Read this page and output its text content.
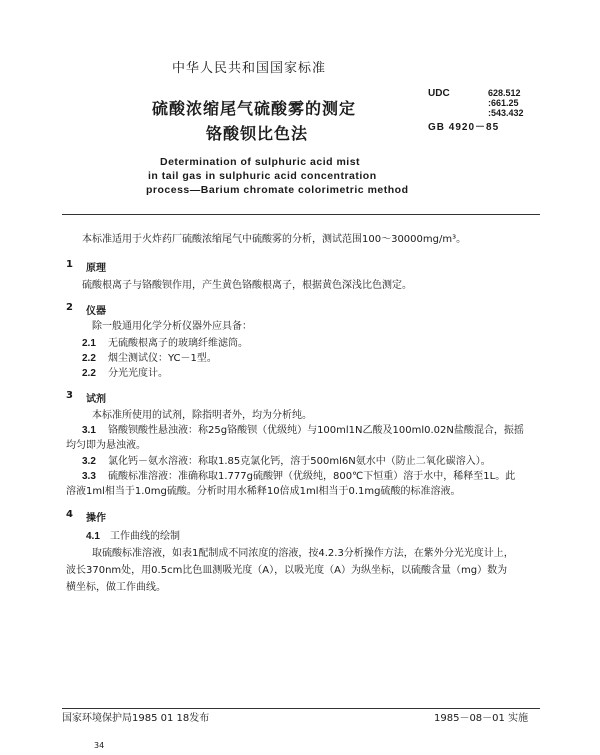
中华人民共和国国家标准
硫酸浓缩尾气硫酸雾的测定
铬酸钡比色法
UDC	628.512
:661.25
:543.432
GB 4920－85
Determination of sulphuric acid mist
in tail gas in sulphuric acid concentration
process—Barium chromate colorimetric method
本标准适用于火炸药厂硫酸浓缩尾气中硫酸雾的分析，测试范围100～30000mg/m³。
1 原理
硫酸根离子与铬酸钡作用，产生黄色铬酸根离子，根据黄色深浅比色测定。
2 仪器
除一般通用化学分析仪器外应具备：
2.1 无硫酸根离子的玻璃纤维滤筒。
2.2 烟尘测试仪：YC－1型。
2.2 分光光度计。
3 试剂
本标准所使用的试剂，除指明者外，均为分析纯。
3.1 铬酸钡酸性悬浊液：称25g铬酸钡（优级纯）与100ml1N乙酸及100ml0.02N盐酸混合，振摇
均匀即为悬浊液。
3.2 氯化钙－氨水溶液：称取1.85克氯化钙，溶于500ml6N氨水中（防止二氧化碳溶入）。
3.3 硫酸标准溶液：准确称取1.777g硫酸钾（优级纯，800℃下恒重）溶于水中，稀释至1L。此
溶液1ml相当于1.0mg硫酸。分析时用水稀释10倍成1ml相当于0.1mg硫酸的标准溶液。
4 操作
4.1 工作曲线的绘制
取硫酸标准溶液，如表1配制成不同浓度的溶液，按4.2.3分析操作方法，在紫外分光光度计上，
波长370nm处，用0.5cm比色皿测吸光度（A），以吸光度（A）为纵坐标，以硫酸含量（mg）数为
横坐标，做工作曲线。
国家环境保护局1985 01 18发布	1985－08－01 实施
34
